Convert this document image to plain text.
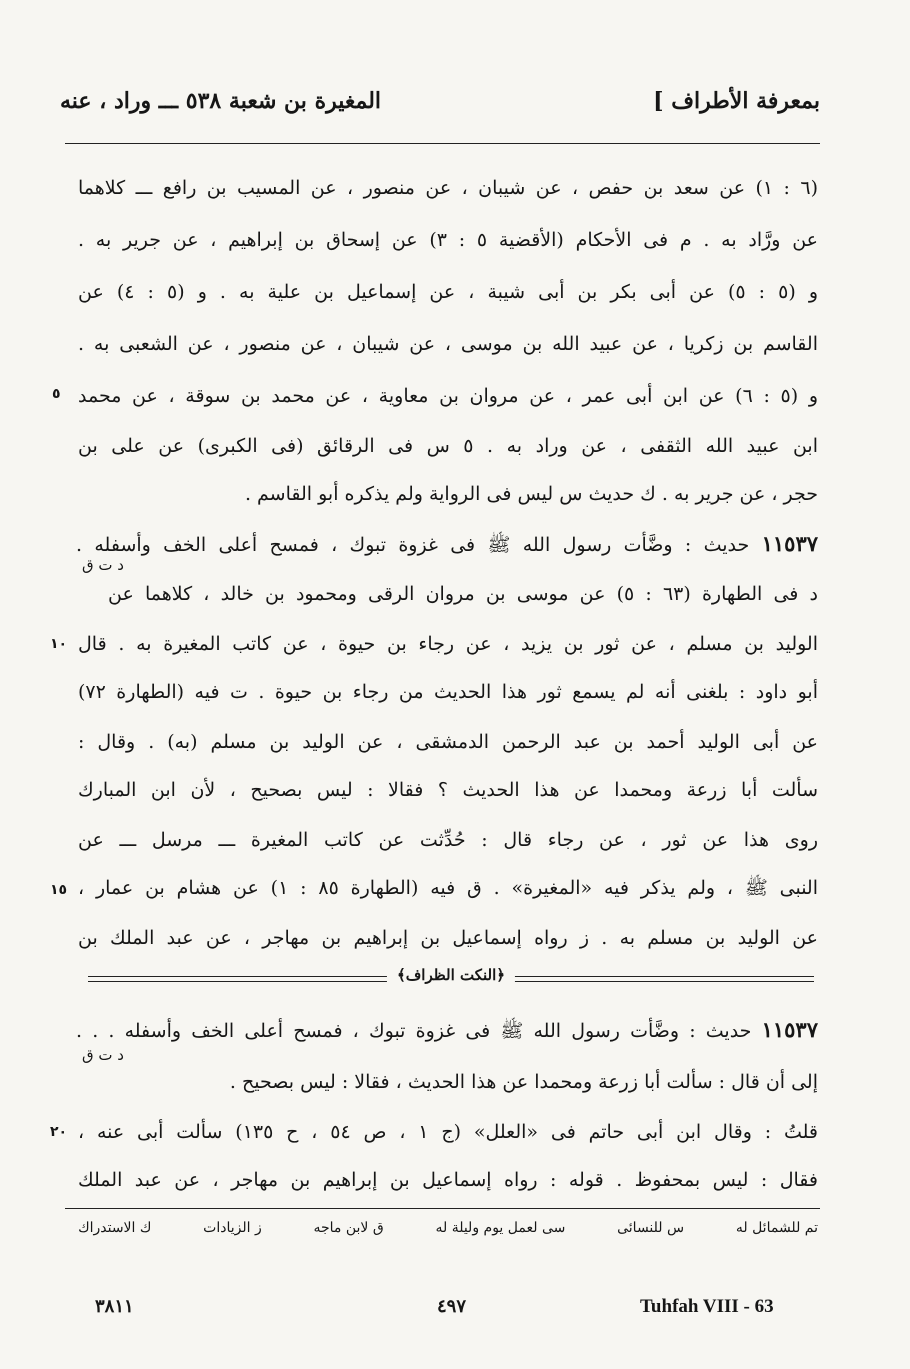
بمعرفة الأطراف ]
المغيرة بن شعبة ٥٣٨ ـــ وراد ، عنه
(٦ : ١) عن سعد بن حفص ، عن شيبان ، عن منصور ، عن المسيب بن رافع ـــ كلاهما
عن ورَّاد به . م فى الأحكام (الأقضية ٥ : ٣) عن إسحاق بن إبراهيم ، عن جرير به .
و (٥ : ٥) عن أبى بكر بن أبى شيبة ، عن إسماعيل بن علية به . و (٥ : ٤) عن
القاسم بن زكريا ، عن عبيد الله بن موسى ، عن شيبان ، عن منصور ، عن الشعبى به .
و (٥ : ٦) عن ابن أبى عمر ، عن مروان بن معاوية ، عن محمد بن سوقة ، عن محمد
ابن عبيد الله الثقفى ، عن وراد به . ٥ س فى الرقائق (فى الكبرى) عن على بن
حجر ، عن جرير به . ك حديث س ليس فى الرواية ولم يذكره أبو القاسم .
١١٥٣٧ حديث : وضَّأت رسول الله ﷺ فى غزوة تبوك ، فمسح أعلى الخف وأسفله .
د ت ق
د فى الطهارة (٦٣ : ٥) عن موسى بن مروان الرقى ومحمود بن خالد ، كلاهما عن
الوليد بن مسلم ، عن ثور بن يزيد ، عن رجاء بن حيوة ، عن كاتب المغيرة به . قال
أبو داود : بلغنى أنه لم يسمع ثور هذا الحديث من رجاء بن حيوة . ت فيه (الطهارة ٧٢)
عن أبى الوليد أحمد بن عبد الرحمن الدمشقى ، عن الوليد بن مسلم (به) . وقال :
سألت أبا زرعة ومحمدا عن هذا الحديث ؟ فقالا : ليس بصحيح ، لأن ابن المبارك
روى هذا عن ثور ، عن رجاء قال : حُدِّثت عن كاتب المغيرة ـــ مرسل ـــ عن
النبى ﷺ ، ولم يذكر فيه «المغيرة» . ق فيه (الطهارة ٨٥ : ١) عن هشام بن عمار ،
عن الوليد بن مسلم به . ز رواه إسماعيل بن إبراهيم بن مهاجر ، عن عبد الملك بن
٥
١٠
١٥
٢٠
﴿النكت الظراف﴾
١١٥٣٧ حديث : وضَّأت رسول الله ﷺ فى غزوة تبوك ، فمسح أعلى الخف وأسفله . . .
د ت ق
إلى أن قال : سألت أبا زرعة ومحمدا عن هذا الحديث ، فقالا : ليس بصحيح .
قلتُ : وقال ابن أبى حاتم فى «العلل» (ج ١ ، ص ٥٤ ، ح ١٣٥) سألت أبى عنه ،
فقال : ليس بمحفوظ . قوله : رواه إسماعيل بن إبراهيم بن مهاجر ، عن عبد الملك
تم للشمائل له
س للنسائى
سى لعمل يوم وليلة له
ق لابن ماجه
ز الزيادات
ك الاستدراك
Tuhfah VIII - 63
٤٩٧
٣٨١١
